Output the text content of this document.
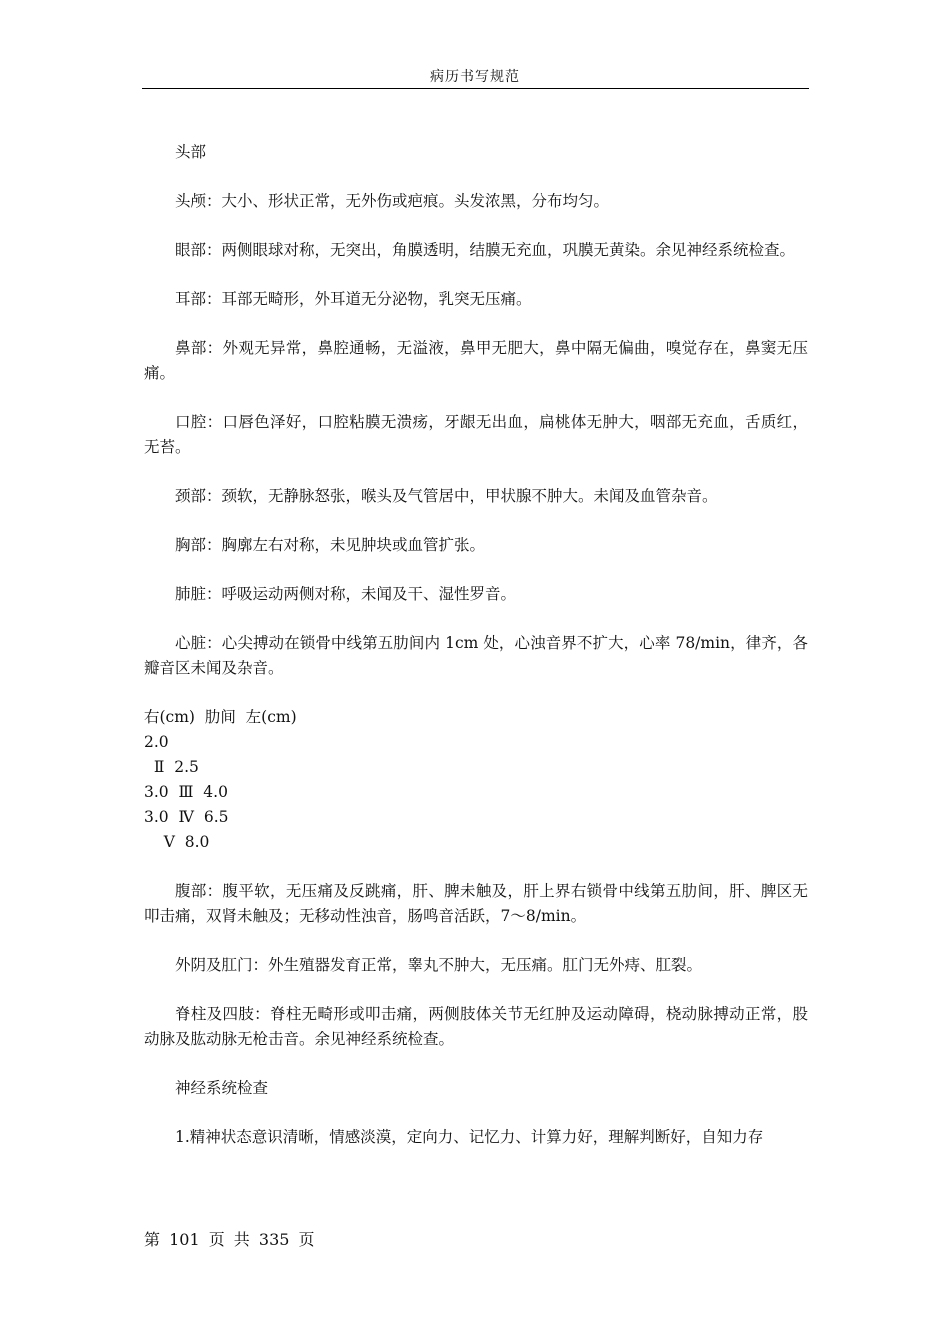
病历书写规范

头部

头颅：大小、形状正常，无外伤或疤痕。头发浓黑，分布均匀。

眼部：两侧眼球对称，无突出，角膜透明，结膜无充血，巩膜无黄染。余见神经系统检查。

耳部：耳部无畸形，外耳道无分泌物，乳突无压痛。

鼻部：外观无异常，鼻腔通畅，无溢液，鼻甲无肥大，鼻中隔无偏曲，嗅觉存在，鼻窦无压痛。

口腔：口唇色泽好，口腔粘膜无溃疡，牙龈无出血，扁桃体无肿大，咽部无充血，舌质红，无苔。

颈部：颈软，无静脉怒张，喉头及气管居中，甲状腺不肿大。未闻及血管杂音。

胸部：胸廓左右对称，未见肿块或血管扩张。

肺脏：呼吸运动两侧对称，未闻及干、湿性罗音。

心脏：心尖搏动在锁骨中线第五肋间内 1cm 处，心浊音界不扩大，心率 78/min，律齐，各瓣音区未闻及杂音。

右(cm)  肋间  左(cm)

2.0

Ⅱ  2.5

3.0  Ⅲ  4.0

3.0  Ⅳ  6.5

Ⅴ  8.0

腹部：腹平软，无压痛及反跳痛，肝、脾未触及，肝上界右锁骨中线第五肋间，肝、脾区无叩击痛，双肾未触及；无移动性浊音，肠鸣音活跃，7～8/min。

外阴及肛门：外生殖器发育正常，睾丸不肿大，无压痛。肛门无外痔、肛裂。

脊柱及四肢：脊柱无畸形或叩击痛，两侧肢体关节无红肿及运动障碍，桡动脉搏动正常，股动脉及肱动脉无枪击音。余见神经系统检查。

神经系统检查

1.精神状态意识清晰，情感淡漠，定向力、记忆力、计算力好，理解判断好，自知力存

第 101 页 共 335 页
